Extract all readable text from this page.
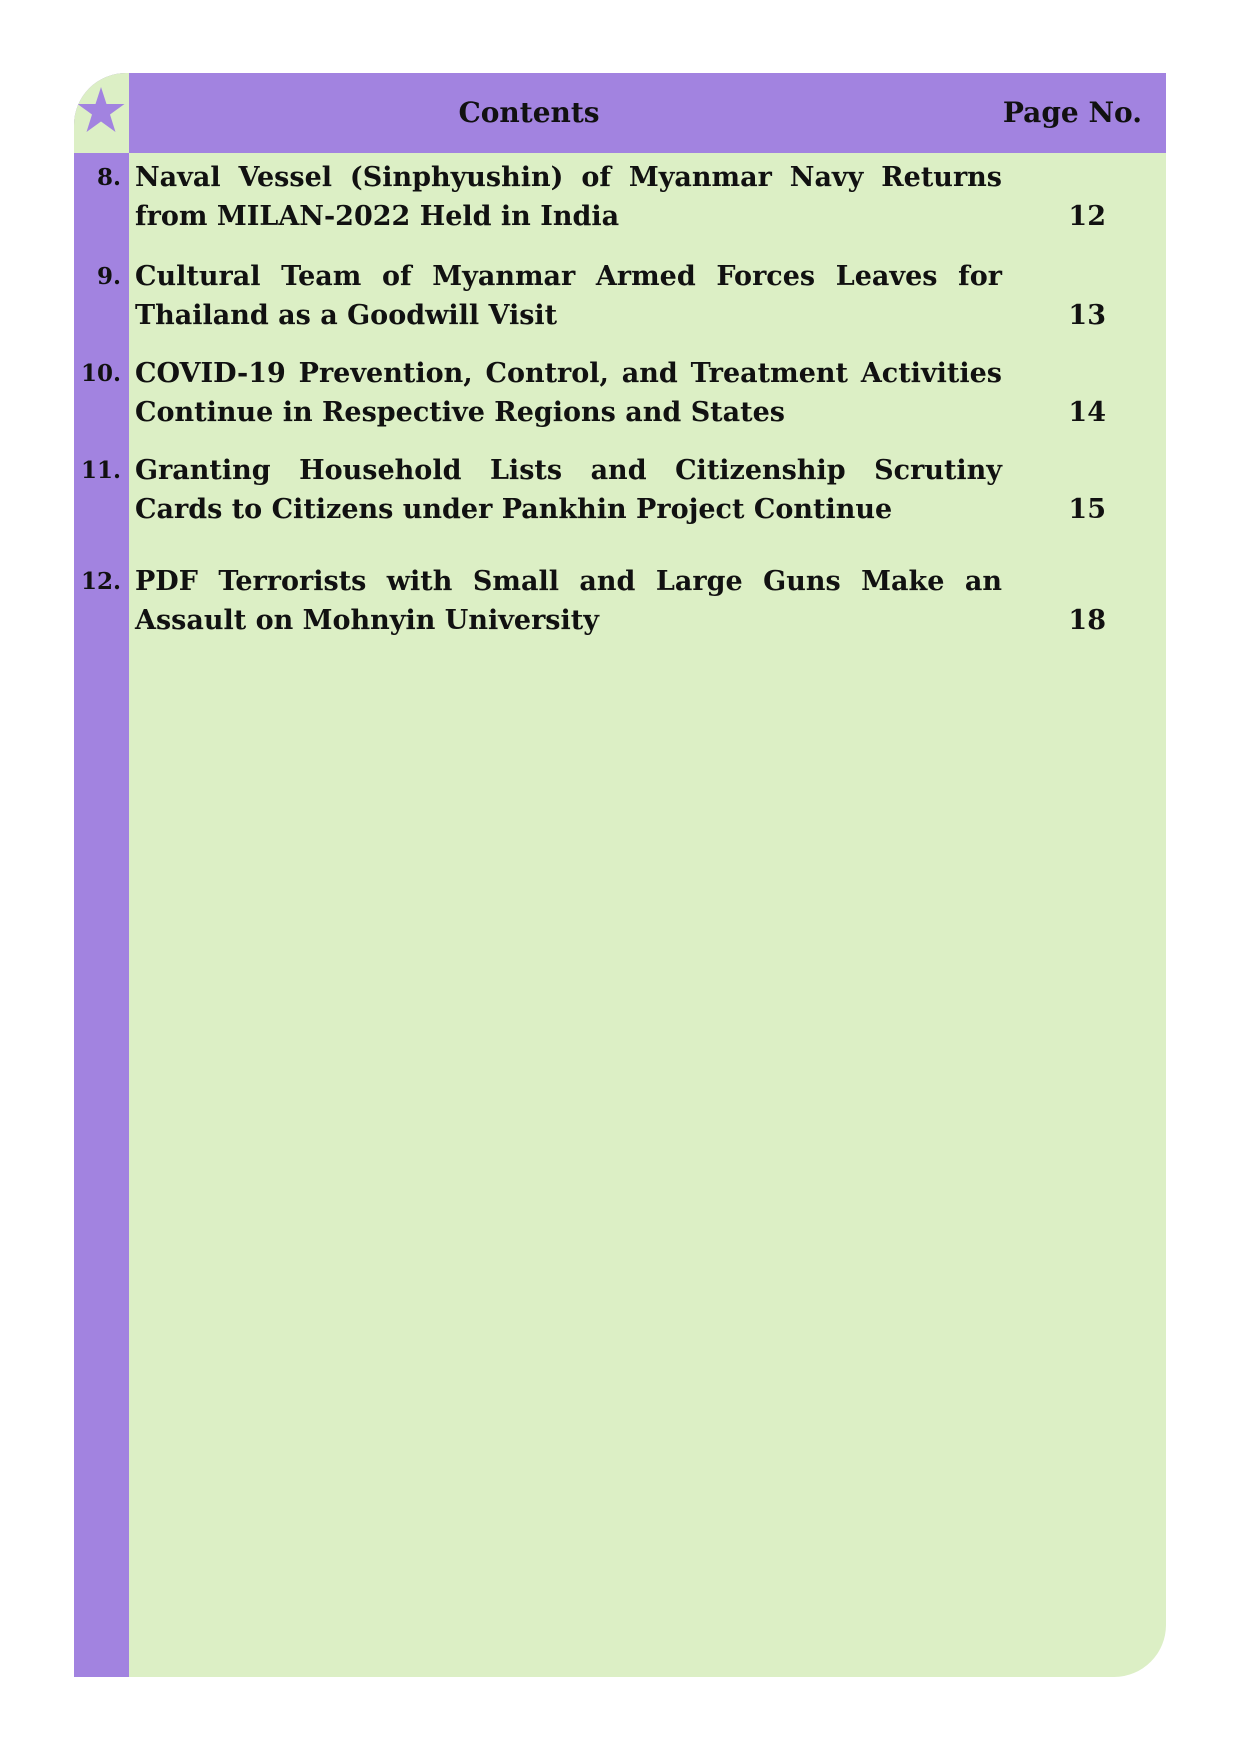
Contents	Page No.
8. Naval Vessel (Sinphyushin) of Myanmar Navy Returns from MILAN-2022 Held in India	12
9. Cultural Team of Myanmar Armed Forces Leaves for Thailand as a Goodwill Visit	13
10. COVID-19 Prevention, Control, and Treatment Activities Continue in Respective Regions and States	14
11. Granting Household Lists and Citizenship Scrutiny Cards to Citizens under Pankhin Project Continue	15
12. PDF Terrorists with Small and Large Guns Make an Assault on Mohnyin University	18
